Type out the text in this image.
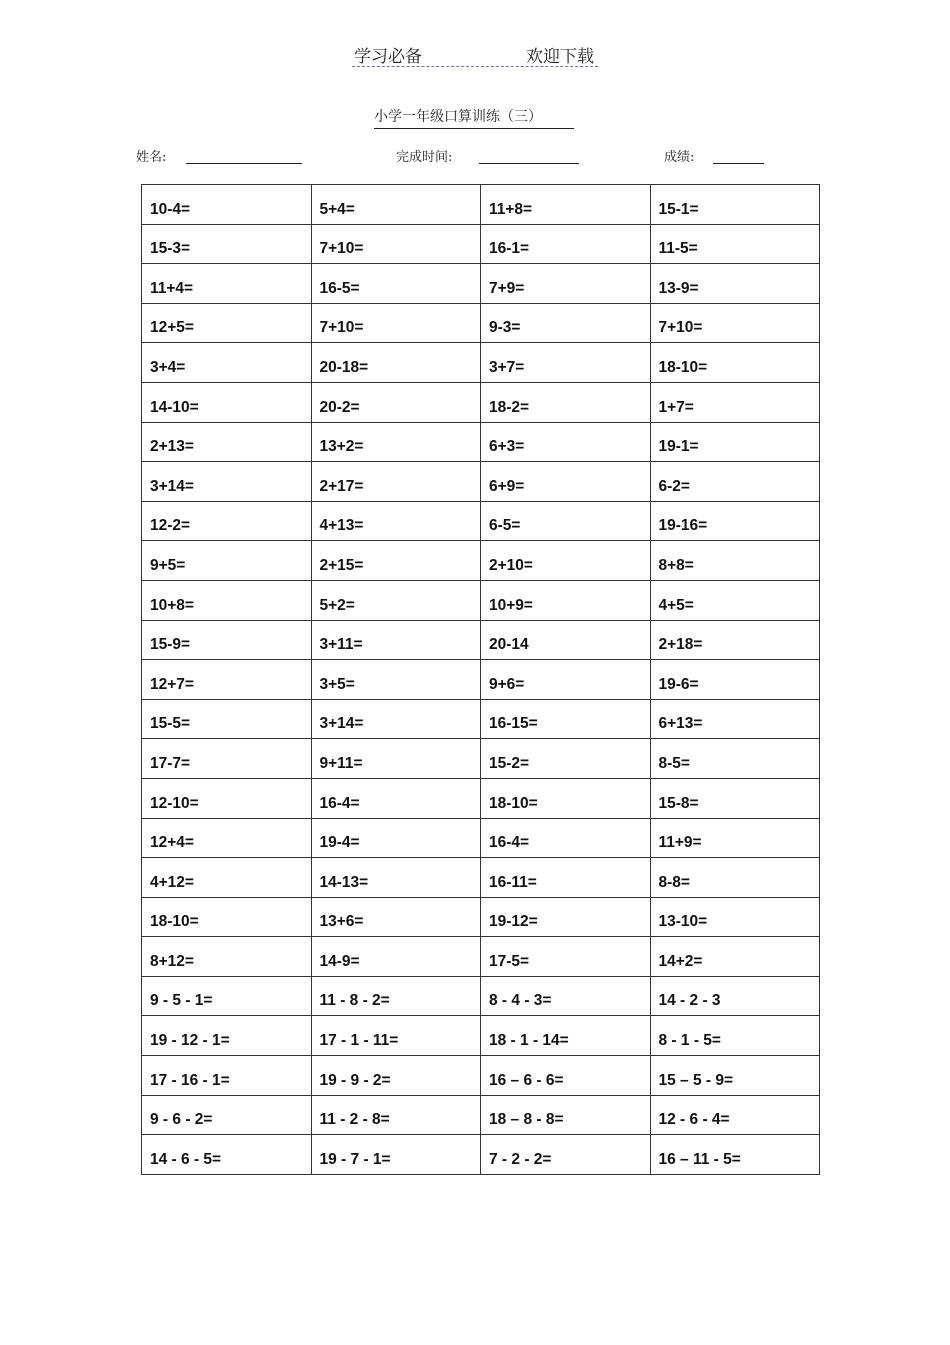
学习必备	欢迎下载
小学一年级口算训练（三）
姓名:	完成时间:	成绩:
10-4=	5+4=	11+8=	15-1=
15-3=	7+10=	16-1=	11-5=
11+4=	16-5=	7+9=	13-9=
12+5=	7+10=	9-3=	7+10=
3+4=	20-18=	3+7=	18-10=
14-10=	20-2=	18-2=	1+7=
2+13=	13+2=	6+3=	19-1=
3+14=	2+17=	6+9=	6-2=
12-2=	4+13=	6-5=	19-16=
9+5=	2+15=	2+10=	8+8=
10+8=	5+2=	10+9=	4+5=
15-9=	3+11=	20-14	2+18=
12+7=	3+5=	9+6=	19-6=
15-5=	3+14=	16-15=	6+13=
17-7=	9+11=	15-2=	8-5=
12-10=	16-4=	18-10=	15-8=
12+4=	19-4=	16-4=	11+9=
4+12=	14-13=	16-11=	8-8=
18-10=	13+6=	19-12=	13-10=
8+12=	14-9=	17-5=	14+2=
9 - 5 - 1=	11 - 8 - 2=	8 - 4 - 3=	14 - 2 - 3
19 - 12 - 1=	17 - 1 - 11=	18 - 1 - 14=	8 - 1 - 5=
17 - 16 - 1=	19 - 9 - 2=	16 – 6 - 6=	15 – 5 - 9=
9 - 6 - 2=	11 - 2 - 8=	18 – 8 - 8=	12 - 6 - 4=
14 - 6 - 5=	19 - 7 - 1=	7 - 2 - 2=	16 – 11 - 5=
